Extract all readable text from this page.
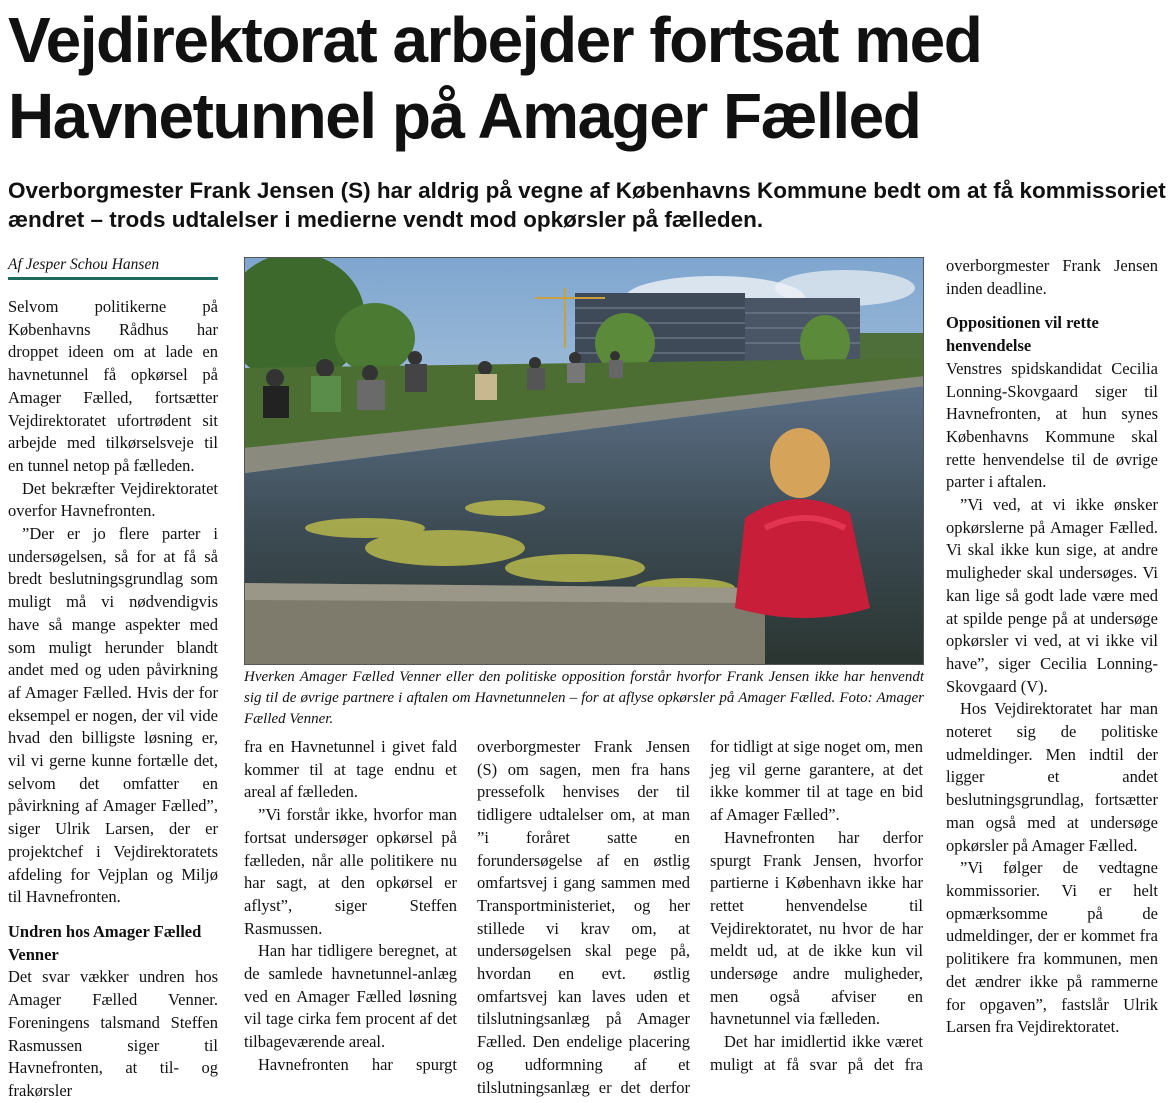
Vejdirektorat arbejder fortsat med Havnetunnel på Amager Fælled
Overborgmester Frank Jensen (S) har aldrig på vegne af Københavns Kommune bedt om at få kommissoriet ændret – trods udtalelser i medierne vendt mod opkørsler på fælleden.
Af Jesper Schou Hansen

Selvom politikerne på Københavns Rådhus har droppet ideen om at lade en havnetunnel få opkørsel på Amager Fælled, fortsætter Vejdirektoratet ufortrødent sit arbejde med tilkørselsveje til en tunnel netop på fælleden.

Det bekræfter Vejdirektoratet overfor Havnefronten.

”Der er jo flere parter i undersøgelsen, så for at få så bredt beslutningsgrundlag som muligt må vi nødvendigvis have så mange aspekter med som muligt herunder blandt andet med og uden påvirkning af Amager Fælled. Hvis der for eksempel er nogen, der vil vide hvad den billigste løsning er, vil vi gerne kunne fortælle det, selvom det omfatter en påvirkning af Amager Fælled”, siger Ulrik Larsen, der er projektchef i Vejdirektoratets afdeling for Vejplan og Miljø til Havnefronten.

Undren hos Amager Fælled Venner

Det svar vækker undren hos Amager Fælled Venner. Foreningens talsmand Steffen Rasmussen siger til Havnefronten, at til- og frakørsler

Hverken Amager Fælled Venner eller den politiske opposition forstår hvorfor Frank Jensen ikke har henvendt sig til de øvrige partnere i aftalen om Havnetunnelen – for at aflyse opkørsler på Amager Fælled. Foto: Amager Fælled Venner.

fra en Havnetunnel i givet fald kommer til at tage endnu et areal af fælleden.

”Vi forstår ikke, hvorfor man fortsat undersøger opkørsel på fælleden, når alle politikere nu har sagt, at den opkørsel er aflyst”, siger Steffen Rasmussen.

Han har tidligere beregnet, at de samlede havnetunnel-anlæg ved en Amager Fælled løsning vil tage cirka fem procent af det tilbageværende areal.

Havnefronten har spurgt

overborgmester Frank Jensen (S) om sagen, men fra hans pressefolk henvises der til tidligere udtalelser om, at man ”i foråret satte en forundersøgelse af en østlig omfartsvej i gang sammen med Transportministeriet, og her stillede vi krav om, at undersøgelsen skal pege på, hvordan en evt. østlig omfartsvej kan laves uden et tilslutningsanlæg på Amager Fælled. Den endelige placering og udformning af et tilslutningsanlæg er det derfor

for tidligt at sige noget om, men jeg vil gerne garantere, at det ikke kommer til at tage en bid af Amager Fælled”.

Havnefronten har derfor spurgt Frank Jensen, hvorfor partierne i København ikke har rettet henvendelse til Vejdirektoratet, nu hvor de har meldt ud, at de ikke kun vil undersøge andre muligheder, men også afviser en havnetunnel via fælleden.

Det har imidlertid ikke været muligt at få svar på det fra

overborgmester Frank Jensen inden deadline.

Oppositionen vil rette henvendelse

Venstres spidskandidat Cecilia Lonning-Skovgaard siger til Havnefronten, at hun synes Københavns Kommune skal rette henvendelse til de øvrige parter i aftalen.

”Vi ved, at vi ikke ønsker opkørslerne på Amager Fælled. Vi skal ikke kun sige, at andre muligheder skal undersøges. Vi kan lige så godt lade være med at spilde penge på at undersøge opkørsler vi ved, at vi ikke vil have”, siger Cecilia Lonning-Skovgaard (V).

Hos Vejdirektoratet har man noteret sig de politiske udmeldinger. Men indtil der ligger et andet beslutningsgrundlag, fortsætter man også med at undersøge opkørsler på Amager Fælled.

”Vi følger de vedtagne kommissorier. Vi er helt opmærksomme på de udmeldinger, der er kommet fra politikere fra kommunen, men det ændrer ikke på rammerne for opgaven”, fastslår Ulrik Larsen fra Vejdirektoratet.
